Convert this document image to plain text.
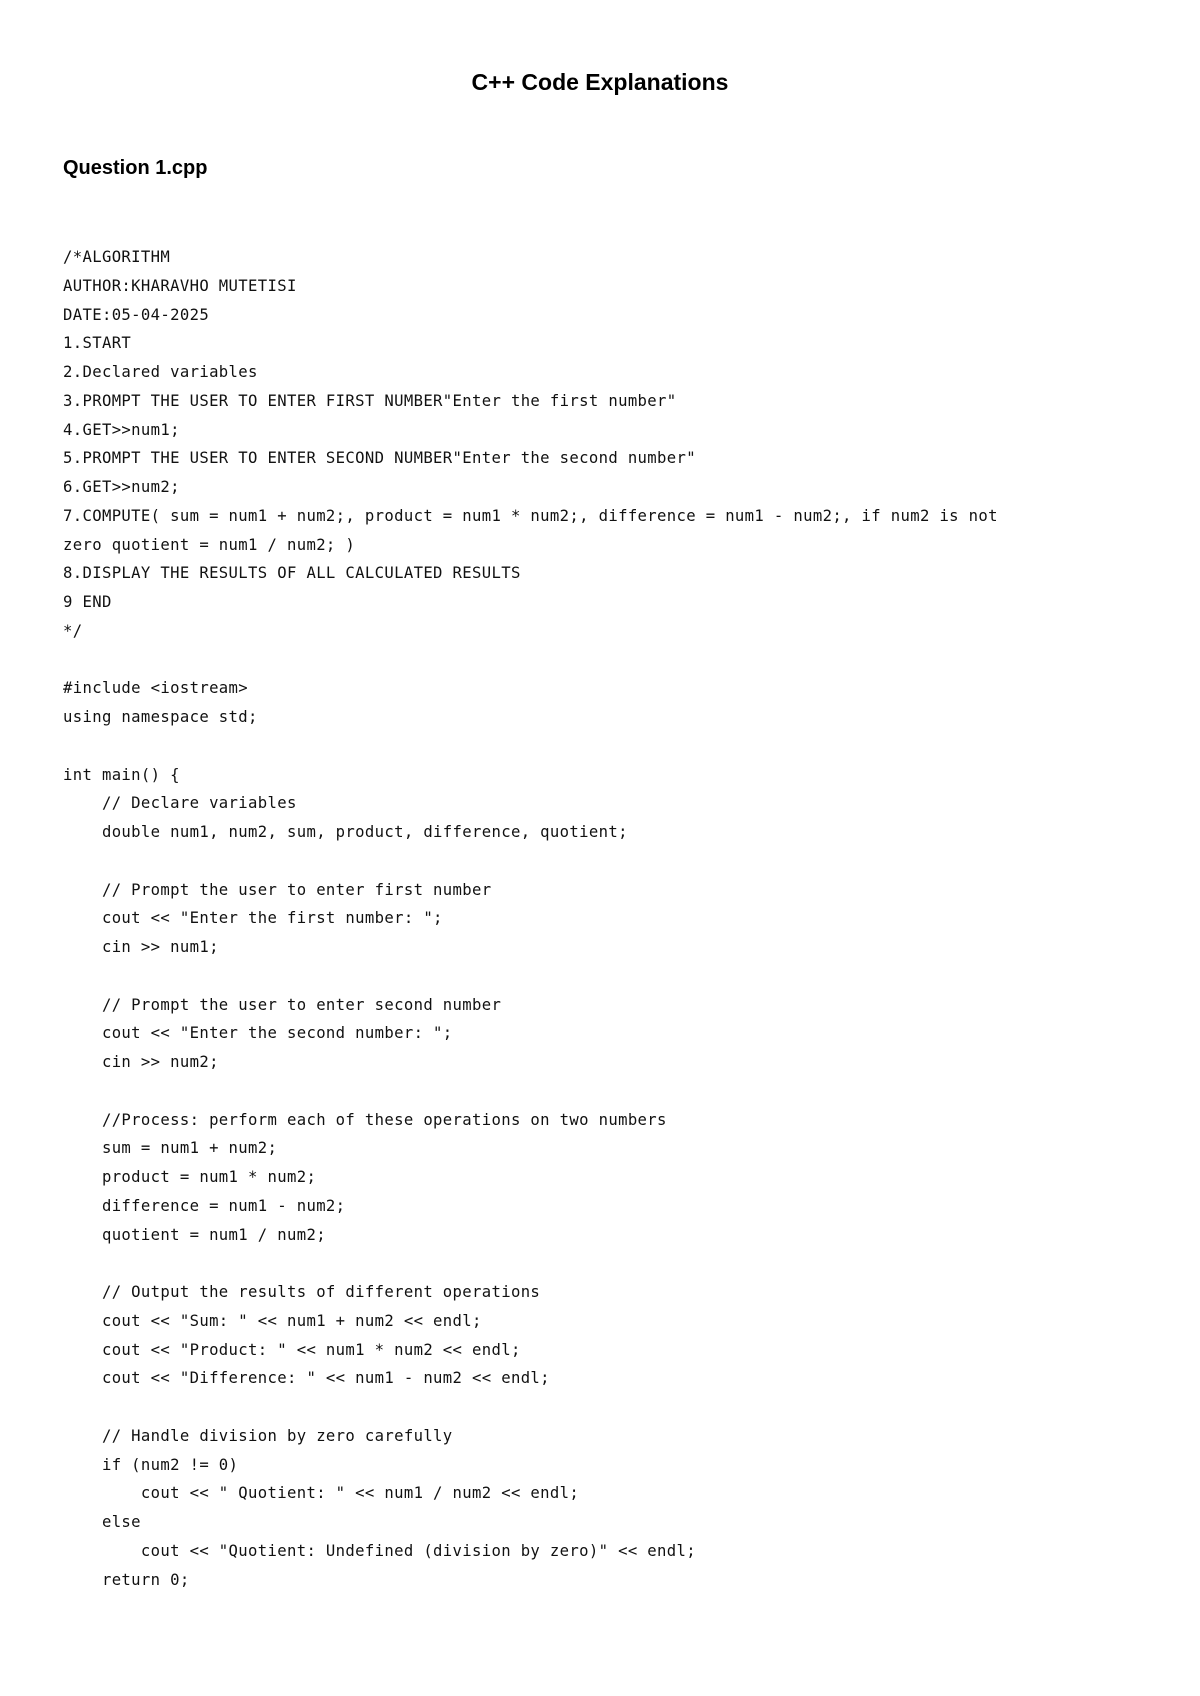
C++ Code Explanations
Question 1.cpp
/*ALGORITHM
AUTHOR:KHARAVHO MUTETISI
DATE:05-04-2025
1.START
2.Declared variables
3.PROMPT THE USER TO ENTER FIRST NUMBER"Enter the first number"
4.GET>>num1;
5.PROMPT THE USER TO ENTER SECOND NUMBER"Enter the second number"
6.GET>>num2;
7.COMPUTE( sum = num1 + num2;, product = num1 * num2;, difference = num1 - num2;, if num2 is not
zero quotient = num1 / num2; )
8.DISPLAY THE RESULTS OF ALL CALCULATED RESULTS
9 END
*/
#include <iostream>
using namespace std;
int main() {
// Declare variables
double num1, num2, sum, product, difference, quotient;
// Prompt the user to enter first number
cout << "Enter the first number: ";
cin >> num1;
// Prompt the user to enter second number
cout << "Enter the second number: ";
cin >> num2;
//Process: perform each of these operations on two numbers
sum = num1 + num2;
product = num1 * num2;
difference = num1 - num2;
quotient = num1 / num2;
// Output the results of different operations
cout << "Sum: " << num1 + num2 << endl;
cout << "Product: " << num1 * num2 << endl;
cout << "Difference: " << num1 - num2 << endl;
// Handle division by zero carefully
if (num2 != 0)
cout << " Quotient: " << num1 / num2 << endl;
else
cout << "Quotient: Undefined (division by zero)" << endl;
return 0;
